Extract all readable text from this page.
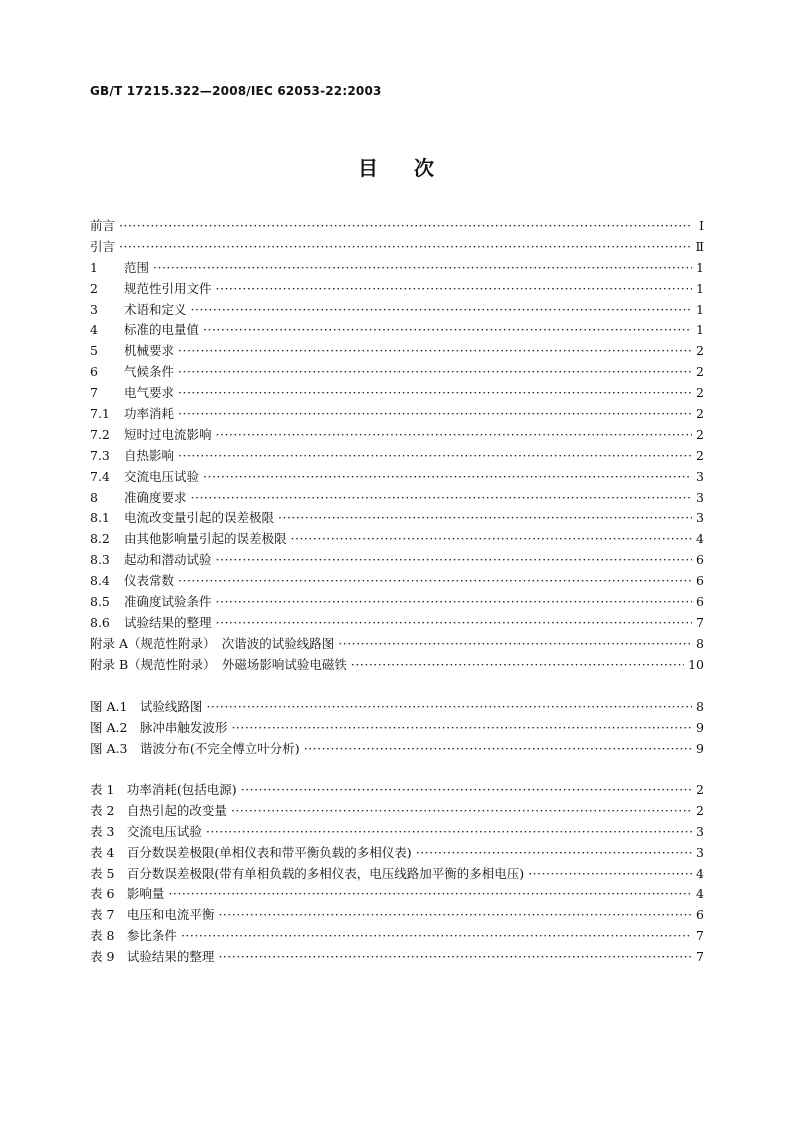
GB/T 17215.322—2008/IEC 62053-22:2003
目 次
前言 ·····	Ⅰ
引言 ·····	Ⅱ
1	范围 ·····	1
2	规范性引用文件 ·····	1
3	术语和定义 ·····	1
4	标准的电量值 ·····	1
5	机械要求 ·····	2
6	气候条件 ·····	2
7	电气要求 ·····	2
7.1	功率消耗 ·····	2
7.2	短时过电流影响 ·····	2
7.3	自热影响 ·····	2
7.4	交流电压试验 ·····	3
8	准确度要求 ·····	3
8.1	电流改变量引起的误差极限 ·····	3
8.2	由其他影响量引起的误差极限 ·····	4
8.3	起动和潜动试验 ·····	6
8.4	仪表常数 ·····	6
8.5	准确度试验条件 ·····	6
8.6	试验结果的整理 ·····	7
附录 A（规范性附录）　次谐波的试验线路图 ·····	8
附录 B（规范性附录）　外磁场影响试验电磁铁 ·····	10
图 A.1　试验线路图 ·····	8
图 A.2　脉冲串触发波形 ·····	9
图 A.3　谐波分布(不完全傅立叶分析) ·····	9
表 1　功率消耗(包括电源) ·····	2
表 2　自热引起的改变量 ·····	2
表 3　交流电压试验 ·····	3
表 4　百分数误差极限(单相仪表和带平衡负载的多相仪表) ·····	3
表 5　百分数误差极限(带有单相负载的多相仪表，电压线路加平衡的多相电压) ·····	4
表 6　影响量 ·····	4
表 7　电压和电流平衡 ·····	6
表 8　参比条件 ·····	7
表 9　试验结果的整理 ·····	7
